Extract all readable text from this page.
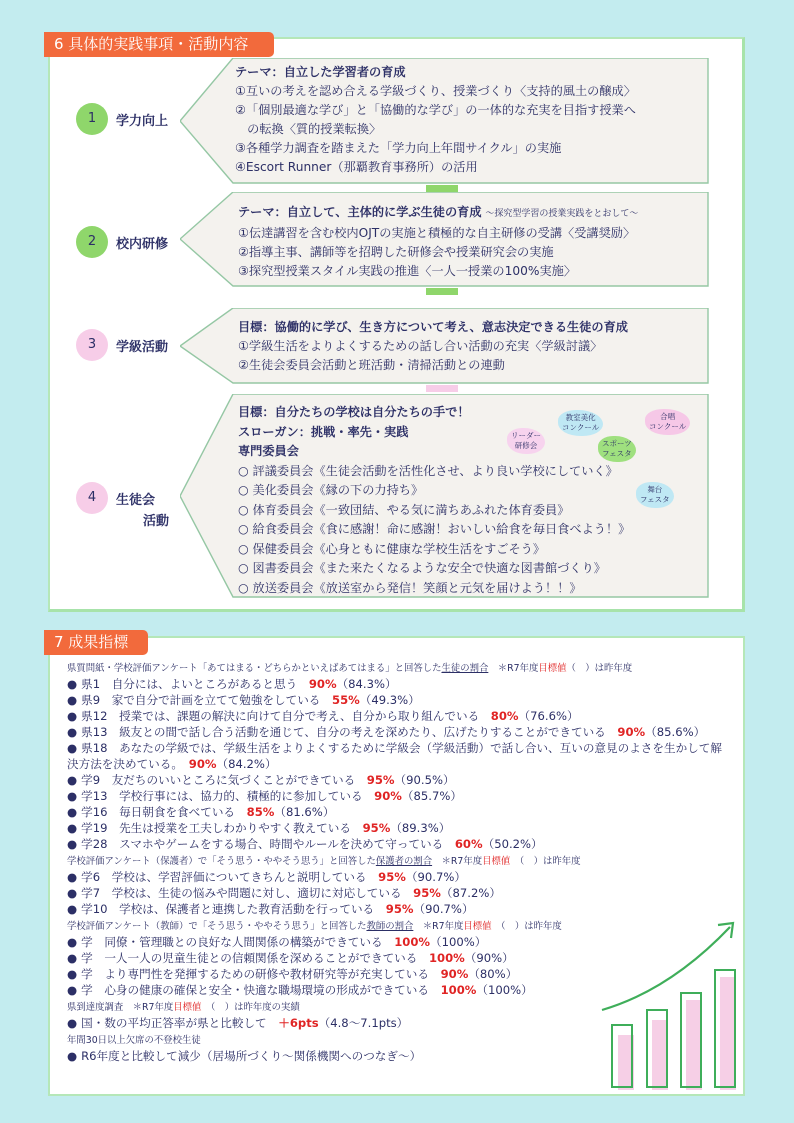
6 具体的実践事項・活動内容
1	学力向上
テーマ：自立した学習者の育成
①互いの考えを認め合える学級づくり、授業づくり〈支持的風土の醸成〉
②「個別最適な学び」と「協働的な学び」の一体的な充実を目指す授業へ
　の転換〈質的授業転換〉
③各種学力調査を踏まえた「学力向上年間サイクル」の実施
④Escort Runner（那覇教育事務所）の活用
2	校内研修
テーマ：自立して、主体的に学ぶ生徒の育成 ～探究型学習の授業実践をとおして～
①伝達講習を含む校内OJTの実施と積極的な自主研修の受講〈受講奨励〉
②指導主事、講師等を招聘した研修会や授業研究会の実施
③探究型授業スタイル実践の推進〈一人一授業の100%実施〉
3	学級活動
目標：協働的に学び、生き方について考え、意志決定できる生徒の育成
①学級生活をよりよくするための話し合い活動の充実〈学級討議〉
②生徒会委員会活動と班活動・清掃活動との連動
4	生徒会
活動
目標：自分たちの学校は自分たちの手で！
スローガン：挑戦・率先・実践
専門委員会
○ 評議委員会《生徒会活動を活性化させ、より良い学校にしていく》
○ 美化委員会《縁の下の力持ち》
○ 体育委員会《一致団結、やる気に満ちあふれた体育委員》
○ 給食委員会《食に感謝！命に感謝！おいしい給食を毎日食べよう！》
○ 保健委員会《心身ともに健康な学校生活をすごそう》
○ 図書委員会《また来たくなるような安全で快適な図書館づくり》
○ 放送委員会《放送室から発信！笑顔と元気を届けよう！！》
リーダー
研修会
教室美化
コンクール
合唱
コンクール
スポーツ
フェスタ
舞台
フェスタ
7 成果指標
県質問紙・学校評価アンケート「あてはまる・どちらかといえばあてはまる」と回答した生徒の割合　＊R7年度目標値（　）は昨年度
● 県1　自分には、よいところがあると思う　 90%（84.3%）
● 県9　家で自分で計画を立てて勉強をしている　 55%（49.3%）
● 県12　授業では、課題の解決に向けて自分で考え、自分から取り組んでいる　 80%（76.6%）
● 県13　級友との間で話し合う活動を通じて、自分の考えを深めたり、広げたりすることができている　 90%（85.6%）
● 県18　あなたの学級では、学級生活をよりよくするために学級会（学級活動）で話し合い、互いの意見のよさを生かして解決方法を決めている。　 90%（84.2%）
● 学9　友だちのいいところに気づくことができている　 95%（90.5%）
● 学13　学校行事には、協力的、積極的に参加している　 90%（85.7%）
● 学16　毎日朝食を食べている　 85%（81.6%）
● 学19　先生は授業を工夫しわかりやすく教えている　 95%（89.3%）
● 学28　スマホやゲームをする場合、時間やルールを決めて守っている　 60%（50.2%）
学校評価アンケート（保護者）で「そう思う・ややそう思う」と回答した保護者の割合　＊R7年度目標値　（　）は昨年度
● 学6　学校は、学習評価についてきちんと説明している　 95%（90.7%）
● 学7　学校は、生徒の悩みや問題に対し、適切に対応している　 95%（87.2%）
● 学10　学校は、保護者と連携した教育活動を行っている　 95%（90.7%）
学校評価アンケート（教師）で「そう思う・ややそう思う」と回答した教師の割合　＊R7年度目標値　（　）は昨年度
● 学　同僚・管理職との良好な人間関係の構築ができている　 100%（100%）
● 学　一人一人の児童生徒との信頼関係を深めることができている　 100%（90%）
● 学　より専門性を発揮するための研修や教材研究等が充実している　 90%（80%）
● 学　心身の健康の確保と安全・快適な職場環境の形成ができている　 100%（100%）
県到達度調査　＊R7年度目標値　（　）は昨年度の実績
● 国・数の平均正答率が県と比較して　 ＋6pts（4.8～7.1pts）
年間30日以上欠席の不登校生徒
● R6年度と比較して減少（居場所づくり～関係機関へのつなぎ～）
